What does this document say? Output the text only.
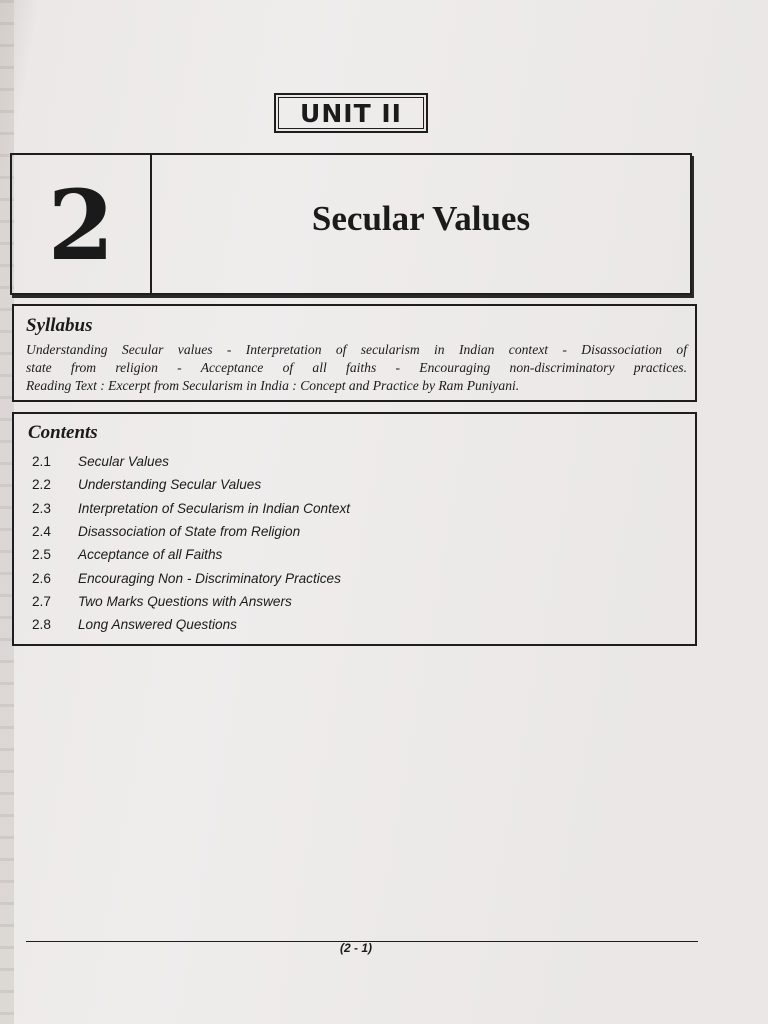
UNIT II
2	Secular Values
Syllabus

Understanding Secular values - Interpretation of secularism in Indian context - Disassociation of

state from religion - Acceptance of all faiths - Encouraging non-discriminatory practices.

Reading Text : Excerpt from Secularism in India : Concept and Practice by Ram Puniyani.

Contents
2.1	Secular Values
2.2	Understanding Secular Values
2.3	Interpretation of Secularism in Indian Context
2.4	Disassociation of State from Religion
2.5	Acceptance of all Faiths
2.6	Encouraging Non - Discriminatory Practices
2.7	Two Marks Questions with Answers
2.8	Long Answered Questions
(2 - 1)
